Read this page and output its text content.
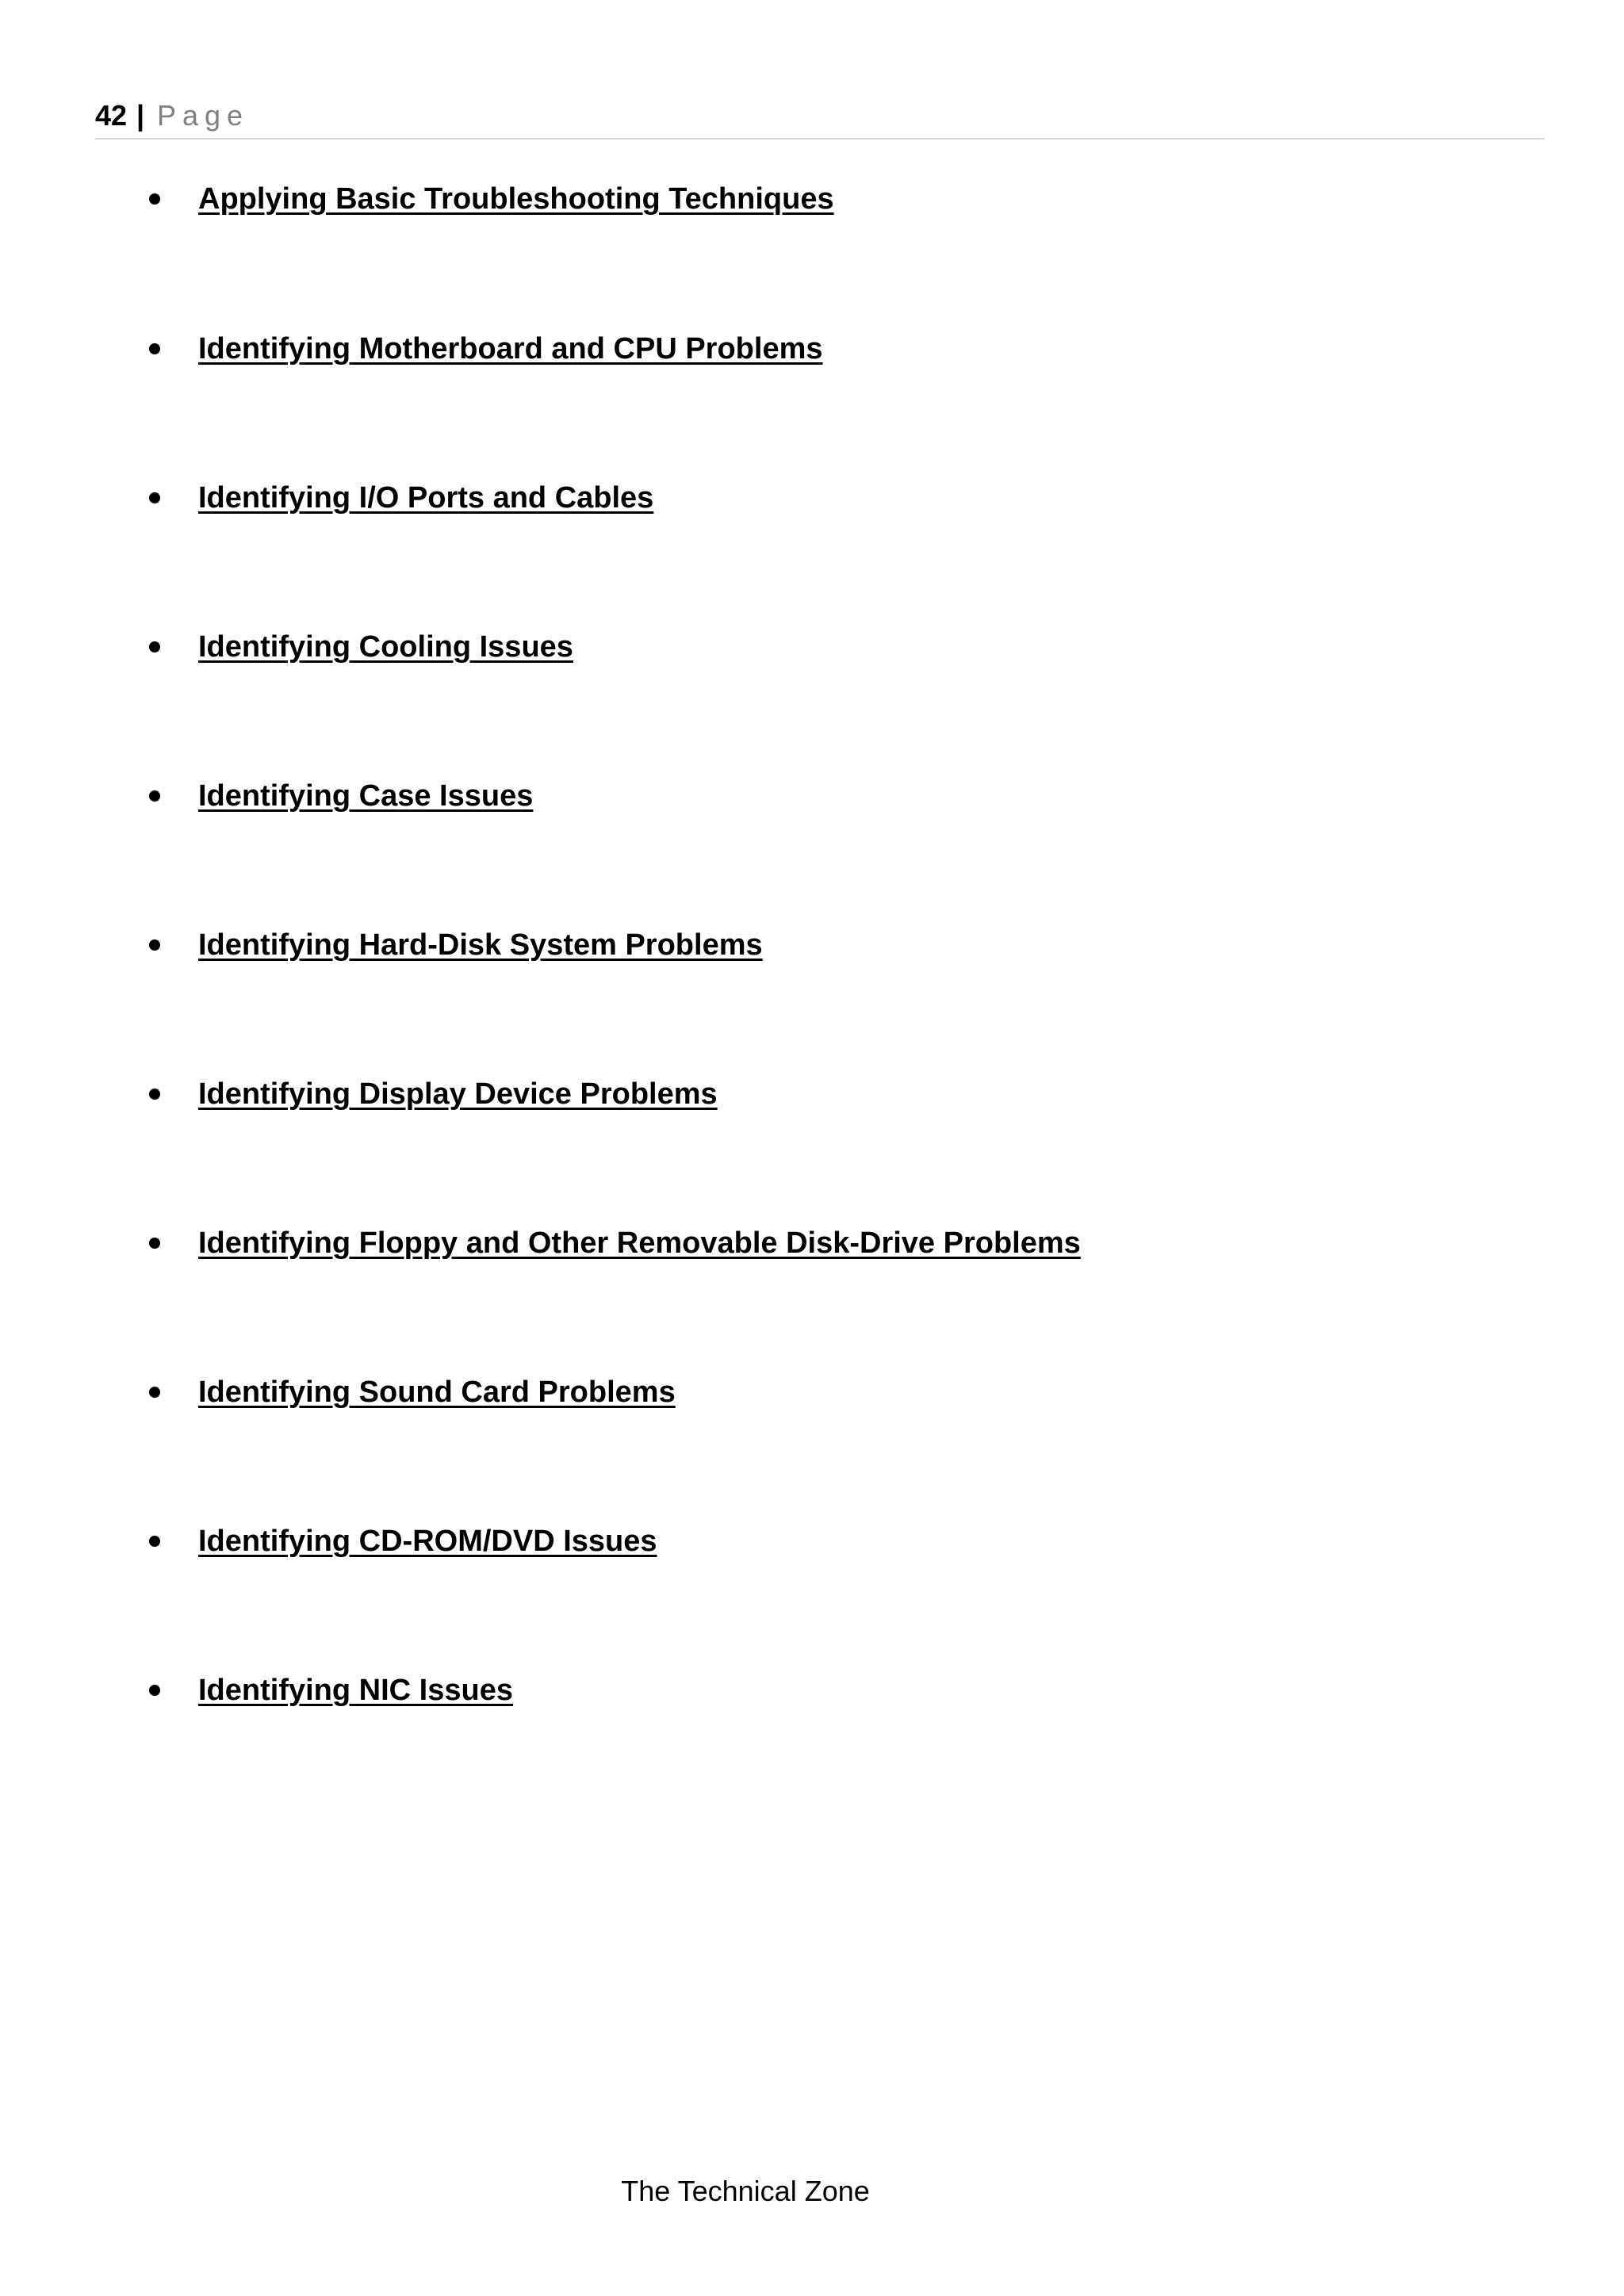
42 | Page
Applying Basic Troubleshooting Techniques
Identifying Motherboard and CPU Problems
Identifying I/O Ports and Cables
Identifying Cooling Issues
Identifying Case Issues
Identifying Hard-Disk System Problems
Identifying Display Device Problems
Identifying Floppy and Other Removable Disk-Drive Problems
Identifying Sound Card Problems
Identifying CD-ROM/DVD Issues
Identifying NIC Issues
The Technical Zone
